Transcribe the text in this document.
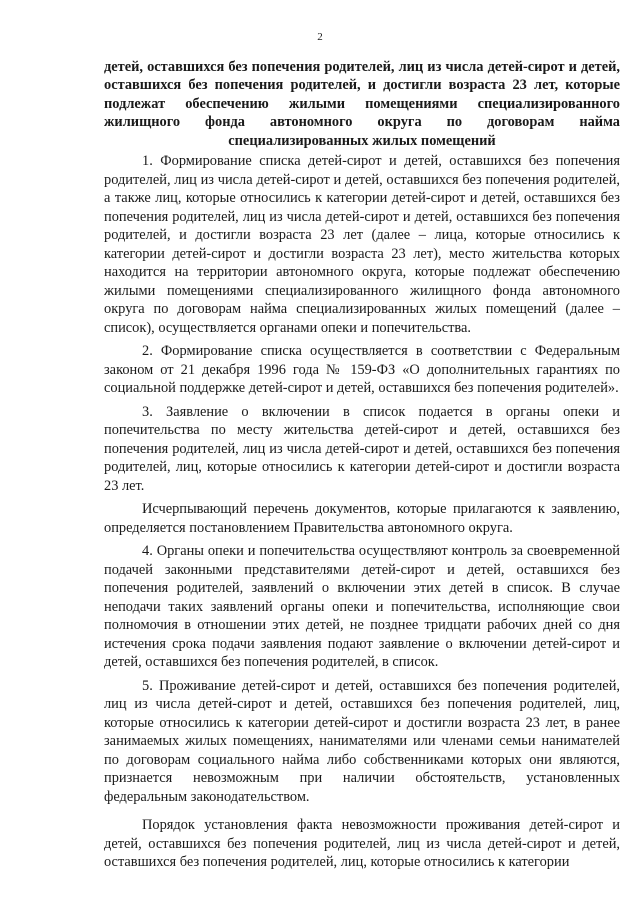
2

детей, оставшихся без попечения родителей, лиц из числа детей-сирот и детей, оставшихся без попечения родителей, и достигли возраста 23 лет, которые подлежат обеспечению жилыми помещениями специализированного жилищного фонда автономного округа по договорам найма специализированных жилых помещений

1. Формирование списка детей-сирот и детей, оставшихся без попечения родителей, лиц из числа детей-сирот и детей, оставшихся без попечения родителей, а также лиц, которые относились к категории детей-сирот и детей, оставшихся без попечения родителей, лиц из числа детей-сирот и детей, оставшихся без попечения родителей, и достигли возраста 23 лет (далее – лица, которые относились к категории детей-сирот и достигли возраста 23 лет), место жительства которых находится на территории автономного округа, которые подлежат обеспечению жилыми помещениями специализированного жилищного фонда автономного округа по договорам найма специализированных жилых помещений (далее – список), осуществляется органами опеки и попечительства.

2. Формирование списка осуществляется в соответствии с Федеральным законом от 21 декабря 1996 года № 159-ФЗ «О дополнительных гарантиях по социальной поддержке детей-сирот и детей, оставшихся без попечения родителей».

3. Заявление о включении в список подается в органы опеки и попечительства по месту жительства детей-сирот и детей, оставшихся без попечения родителей, лиц из числа детей-сирот и детей, оставшихся без попечения родителей, лиц, которые относились к категории детей-сирот и достигли возраста 23 лет.

Исчерпывающий перечень документов, которые прилагаются к заявлению, определяется постановлением Правительства автономного округа.

4. Органы опеки и попечительства осуществляют контроль за своевременной подачей законными представителями детей-сирот и детей, оставшихся без попечения родителей, заявлений о включении этих детей в список. В случае неподачи таких заявлений органы опеки и попечительства, исполняющие свои полномочия в отношении этих детей, не позднее тридцати рабочих дней со дня истечения срока подачи заявления подают заявление о включении детей-сирот и детей, оставшихся без попечения родителей, в список.

5. Проживание детей-сирот и детей, оставшихся без попечения родителей, лиц из числа детей-сирот и детей, оставшихся без попечения родителей, лиц, которые относились к категории детей-сирот и достигли возраста 23 лет, в ранее занимаемых жилых помещениях, нанимателями или членами семьи нанимателей по договорам социального найма либо собственниками которых они являются, признается невозможным при наличии обстоятельств, установленных федеральным законодательством.

Порядок установления факта невозможности проживания детей-сирот и детей, оставшихся без попечения родителей, лиц из числа детей-сирот и детей, оставшихся без попечения родителей, лиц, которые относились к категории
